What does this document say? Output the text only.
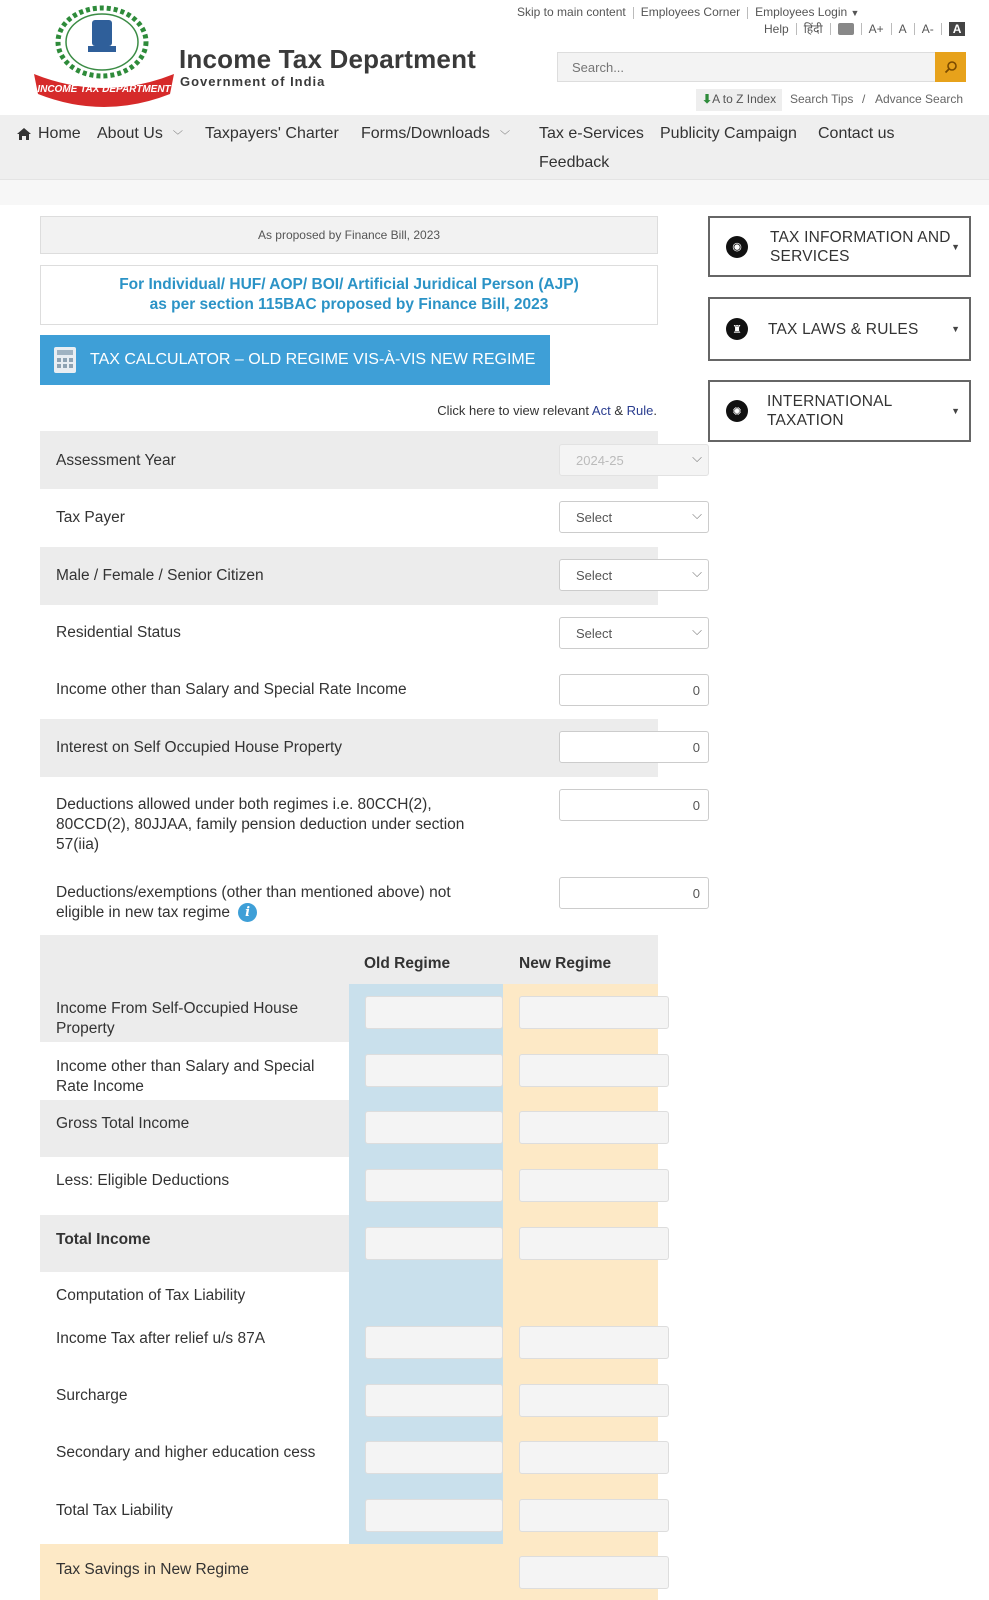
INCOME TAX DEPARTMENT
Income Tax Department
Government of India
Skip to main content Employees Corner Employees Login ▼
Help हिंदी	A+ A A-	A
Search...
⬇A to Z Index	Search Tips / Advance Search
Home About Us ﹀ Taxpayers' Charter Forms/Downloads ﹀ Tax e-Services Publicity Campaign Contact us
Feedback
As proposed by Finance Bill, 2023
For Individual/ HUF/ AOP/ BOI/ Artificial Juridical Person (AJP)
as per section 115BAC proposed by Finance Bill, 2023
TAX CALCULATOR – OLD REGIME VIS-À-VIS NEW REGIME
Click here to view relevant Act & Rule.
Assessment Year	2024-25 ⌵
Tax Payer	Select ⌵
Male / Female / Senior Citizen	Select ⌵
Residential Status	Select ⌵
Income other than Salary and Special Rate Income	0
Interest on Self Occupied House Property	0
Deductions allowed under both regimes i.e. 80CCH(2),
80CCD(2), 80JJAA, family pension deduction under section
57(iia)
0
Deductions/exemptions (other than mentioned above) not
eligible in new tax regime i
0
Old Regime	New Regime
Income From Self-Occupied House
Property
Income other than Salary and Special
Rate Income
Gross Total Income
Less: Eligible Deductions
Total Income
Computation of Tax Liability
Income Tax after relief u/s 87A
Surcharge
Secondary and higher education cess
Total Tax Liability
Tax Savings in New Regime
◉
TAX INFORMATION AND
SERVICES
▼
♜	TAX LAWS & RULES	▼
✺
INTERNATIONAL
TAXATION
▼
